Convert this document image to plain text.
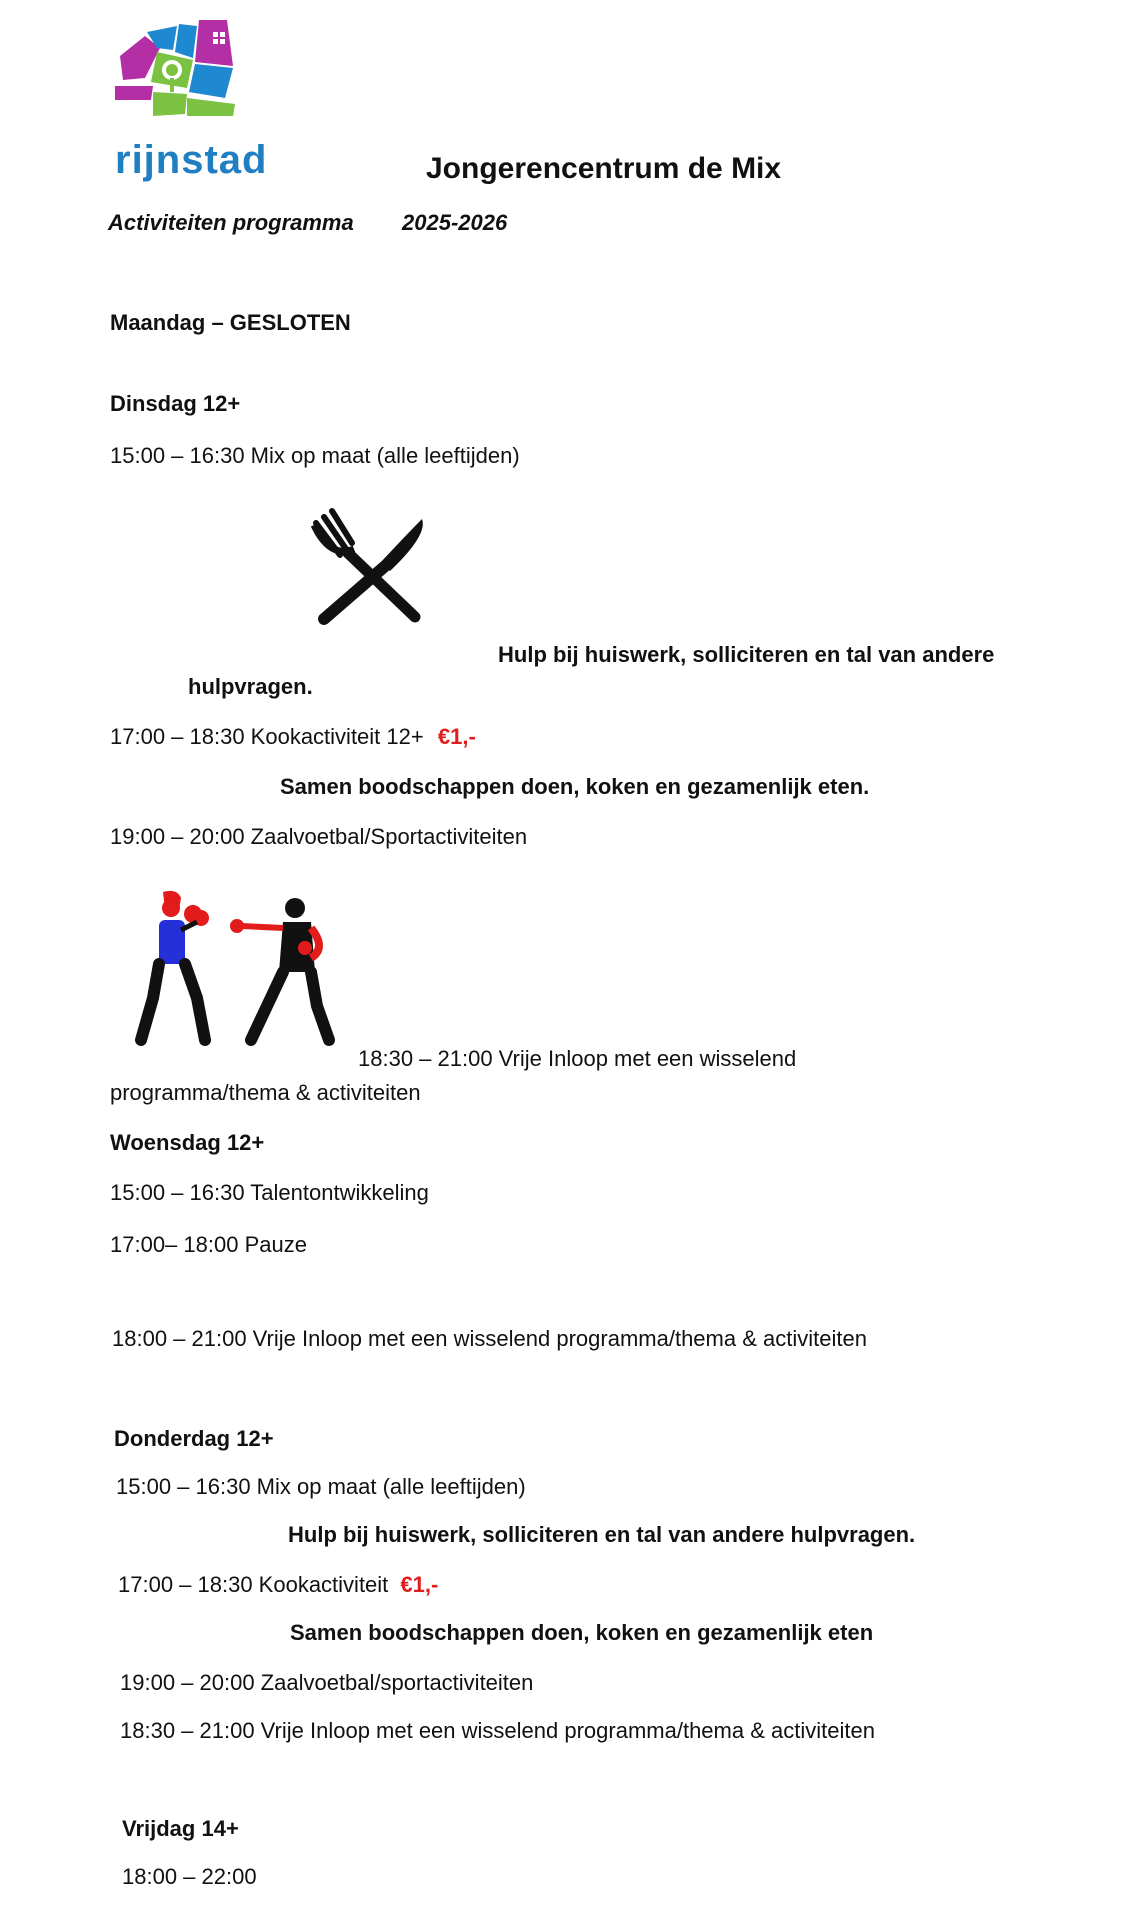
rijnstad	Jongerencentrum de Mix
Activiteiten programma 2025-2026
Maandag – GESLOTEN
Dinsdag 12+
15:00 – 16:30 Mix op maat (alle leeftijden)
Hulp bij huiswerk, solliciteren en tal van andere
hulpvragen.
17:00 – 18:30 Kookactiviteit 12+ €1,-
Samen boodschappen doen, koken en gezamenlijk eten.
19:00 – 20:00 Zaalvoetbal/Sportactiviteiten
18:30 – 21:00 Vrije Inloop met een wisselend
programma/thema & activiteiten
Woensdag 12+
15:00 – 16:30 Talentontwikkeling
17:00– 18:00 Pauze
18:00 – 21:00 Vrije Inloop met een wisselend programma/thema & activiteiten
Donderdag 12+
15:00 – 16:30 Mix op maat (alle leeftijden)
Hulp bij huiswerk, solliciteren en tal van andere hulpvragen.
17:00 – 18:30 Kookactiviteit €1,-
Samen boodschappen doen, koken en gezamenlijk eten
19:00 – 20:00 Zaalvoetbal/sportactiviteiten
18:30 – 21:00 Vrije Inloop met een wisselend programma/thema & activiteiten
Vrijdag 14+
18:00 – 22:00
